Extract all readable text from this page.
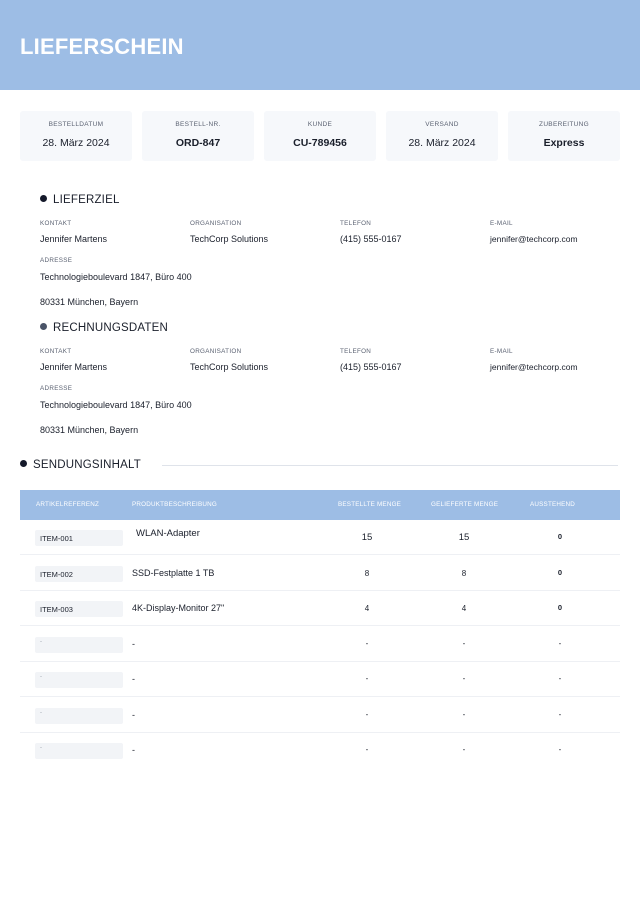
LIEFERSCHEIN
BESTELLDATUM
28. März 2024
BESTELL-NR.
ORD-847
KUNDE
CU-789456
VERSAND
28. März 2024
ZUBEREITUNG
Express
LIEFERZIEL
KONTAKT
Jennifer Martens
ORGANISATION
TechCorp Solutions
TELEFON
(415) 555-0167
E-MAIL
jennifer@techcorp.com
ADRESSE
Technologieboulevard 1847, Büro 400
80331 München, Bayern
RECHNUNGSDATEN
KONTAKT
Jennifer Martens
ORGANISATION
TechCorp Solutions
TELEFON
(415) 555-0167
E-MAIL
jennifer@techcorp.com
ADRESSE
Technologieboulevard 1847, Büro 400
80331 München, Bayern
SENDUNGSINHALT
ARTIKELREFERENZ	PRODUKTBESCHREIBUNG	BESTELLTE MENGE	GELIEFERTE MENGE	AUSSTEHEND
ITEM-001	WLAN-Adapter	15	15	0
ITEM-002	SSD-Festplatte 1 TB	8	8	0
ITEM-003	4K-Display-Monitor 27"	4	4	0
-	-	-	-	-
-	-	-	-	-
-	-	-	-	-
-	-	-	-	-
